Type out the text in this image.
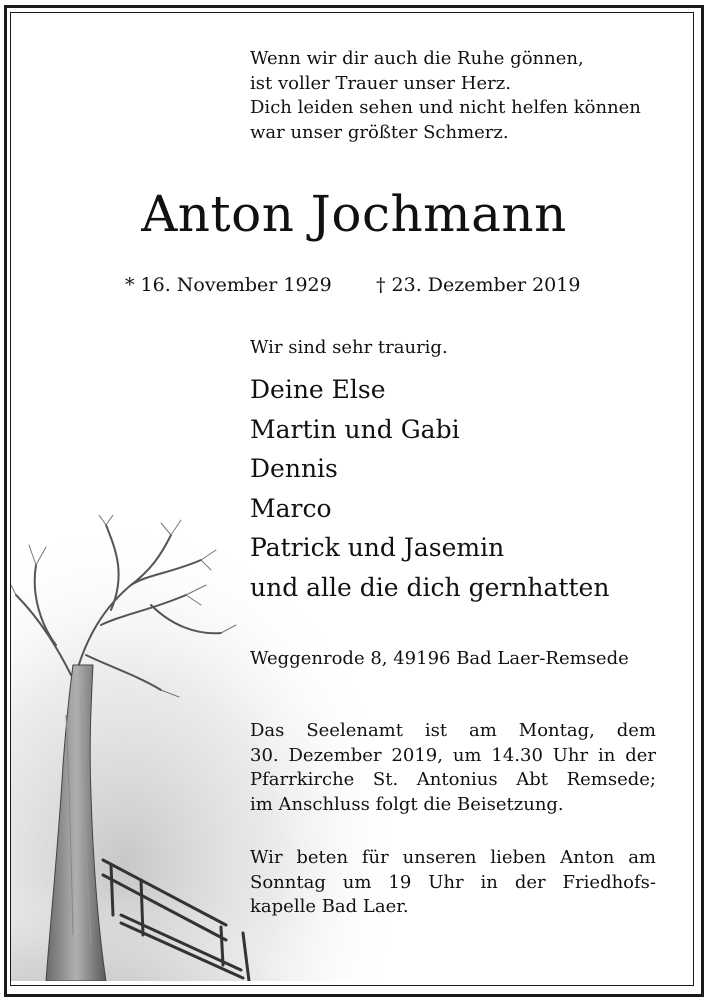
Wenn wir dir auch die Ruhe gönnen,
ist voller Trauer unser Herz.
Dich leiden sehen und nicht helfen können
war unser größter Schmerz.
Anton Jochmann
* 16. November 1929 † 23. Dezember 2019
Wir sind sehr traurig.
Deine Else
Martin und Gabi
Dennis
Marco
Patrick und Jasemin
und alle die dich gernhatten
Weggenrode 8, 49196 Bad Laer-Remsede
Das Seelenamt ist am Montag, dem
30. Dezember 2019, um 14.30 Uhr in der
Pfarrkirche St. Antonius Abt Remsede;
im Anschluss folgt die Beisetzung.
Wir beten für unseren lieben Anton am
Sonntag um 19 Uhr in der Friedhofs-
kapelle Bad Laer.
